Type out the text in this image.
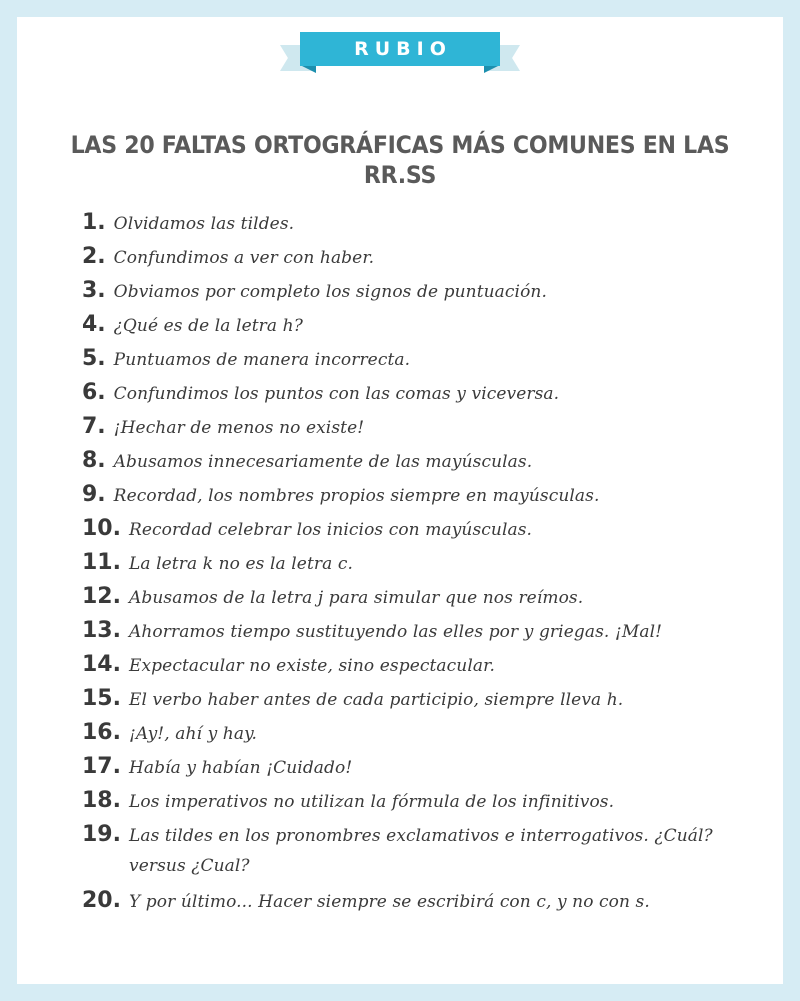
RUBIO
LAS 20 FALTAS ORTOGRÁFICAS MÁS COMUNES EN LAS RR.SS
1. Olvidamos las tildes.
2. Confundimos a ver con haber.
3. Obviamos por completo los signos de puntuación.
4. ¿Qué es de la letra h?
5. Puntuamos de manera incorrecta.
6. Confundimos los puntos con las comas y viceversa.
7. ¡Hechar de menos no existe!
8. Abusamos innecesariamente de las mayúsculas.
9. Recordad, los nombres propios siempre en mayúsculas.
10. Recordad celebrar los inicios con mayúsculas.
11. La letra k no es la letra c.
12. Abusamos de la letra j para simular que nos reímos.
13. Ahorramos tiempo sustituyendo las elles por y griegas. ¡Mal!
14. Expectacular no existe, sino espectacular.
15. El verbo haber antes de cada participio, siempre lleva h.
16. ¡Ay!, ahí y hay.
17. Había y habían ¡Cuidado!
18. Los imperativos no utilizan la fórmula de los infinitivos.
19. Las tildes en los pronombres exclamativos e interrogativos. ¿Cuál? versus ¿Cual?
20. Y por último... Hacer siempre se escribirá con c, y no con s.
